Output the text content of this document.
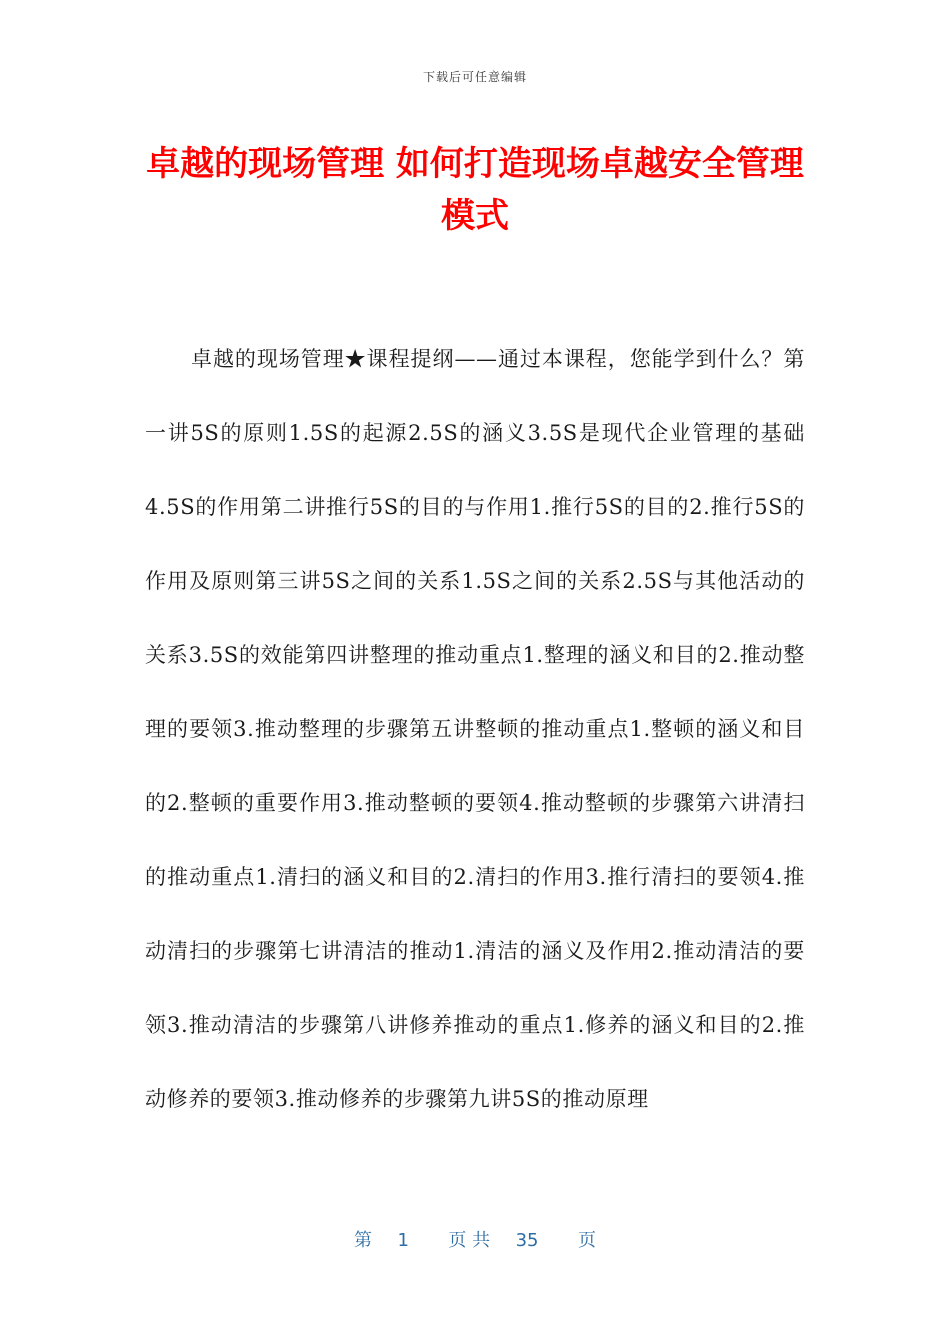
下载后可任意编辑
卓越的现场管理 如何打造现场卓越安全管理模式

卓越的现场管理★课程提纲——通过本课程，您能学到什么？第一讲5S的原则1.5S的起源2.5S的涵义3.5S是现代企业管理的基础4.5S的作用第二讲推行5S的目的与作用1.推行5S的目的2.推行5S的作用及原则第三讲5S之间的关系1.5S之间的关系2.5S与其他活动的关系3.5S的效能第四讲整理的推动重点1.整理的涵义和目的2.推动整理的要领3.推动整理的步骤第五讲整顿的推动重点1.整顿的涵义和目的2.整顿的重要作用3.推动整顿的要领4.推动整顿的步骤第六讲清扫的推动重点1.清扫的涵义和目的2.清扫的作用3.推行清扫的要领4.推动清扫的步骤第七讲清洁的推动1.清洁的涵义及作用2.推动清洁的要领3.推动清洁的步骤第八讲修养推动的重点1.修养的涵义和目的2.推动修养的要领3.推动修养的步骤第九讲5S的推动原理

第 1 页 共 35 页
